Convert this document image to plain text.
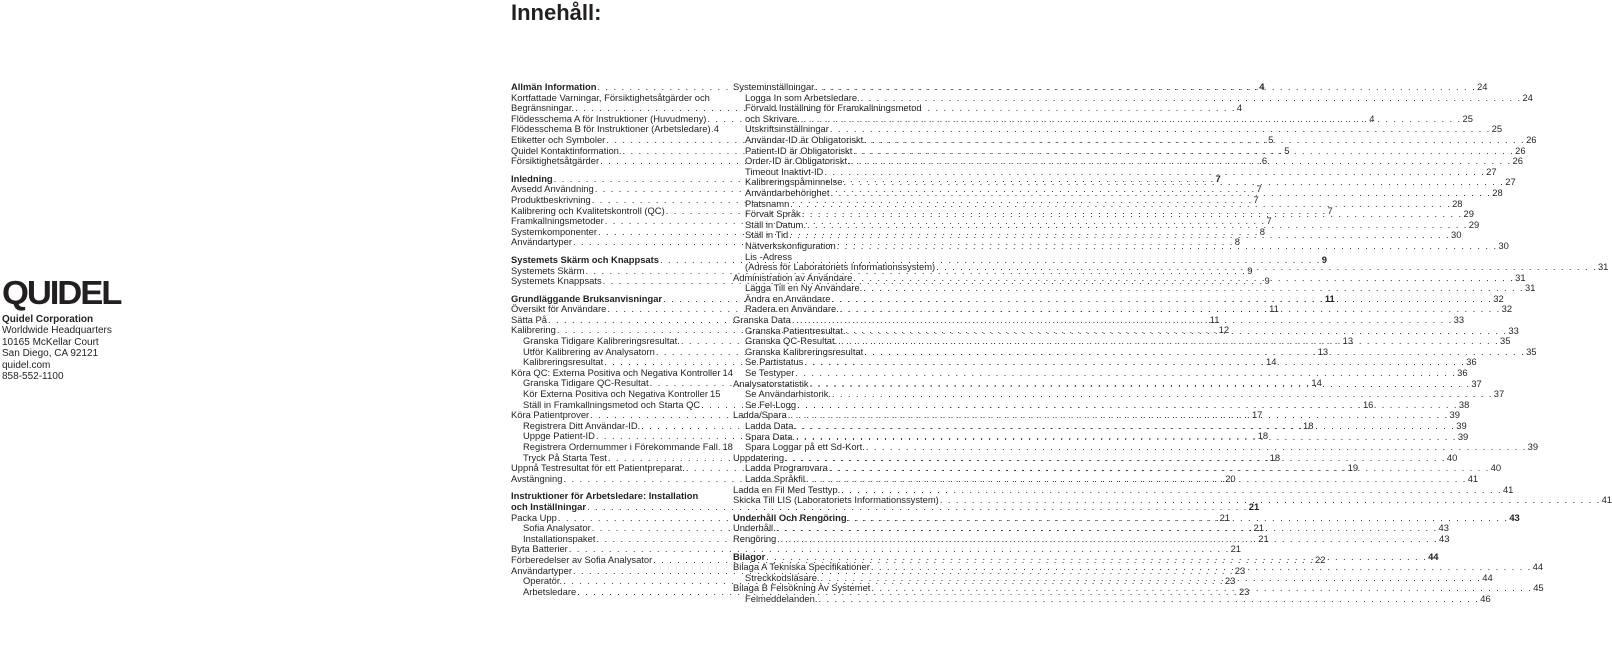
Innehåll:
QUIDEL
Quidel Corporation
Worldwide Headquarters
10165 McKellar Court
San Diego, CA 92121
quidel.com
858-552-1100
Allmän Information . . .	4
Kortfattade Varningar, Försiktighetsåtgärder och
Begränsningar. . . .	4
Flödesschema A för Instruktioner (Huvudmeny) . . .	4
Flödesschema B för Instruktioner (Arbetsledare) . . . 4
Etiketter och Symboler . . .	5
Quidel Kontaktinformation. . . .	5
Försiktighetsåtgärder . . .	6
Inledning . . .	7
Avsedd Användning . . .	7
Produktbeskrivning . . .	7
Kalibrering och Kvalitetskontroll (QC) . . .	7
Framkallningsmetoder . . .	7
Systemkomponenter . . .	8
Användartyper . . .	8
Systemets Skärm och Knappsats . . .	9
Systemets Skärm . . .	9
Systemets Knappsats . . .	9
Grundläggande Bruksanvisningar . . .	11
Översikt för Användare . . .	11
Sätta På . . .	11
Kalibrering . . .	12
Granska Tidigare Kalibreringsresultat. . . .	13
Utför Kalibrering av Analysatorn . . .	13
Kalibreringsresultat . . .	14
Köra QC: Externa Positiva och Negativa Kontroller 14
Granska Tidigare QC-Resultat . . .	14
Kör Externa Positiva och Negativa Kontroller 15
Ställ in Framkallningsmetod och Starta QC . . .	16
Köra Patientprover . . .	17
Registrera Ditt Användar-ID. . . .	18
Uppge Patient-ID . . .	18
Registrera Ordernummer i Förekommande Fall. 18
Tryck På Starta Test . . .	18
Uppnå Testresultat för ett Patientpreparat. . . .	19
Avstängning . . .	20
Instruktioner för Arbetsledare: Installation
och Inställningar . . .	21
Packa Upp . . .	21
Sofia Analysator . . .	21
Installationspaket . . .	21
Byta Batterier . . .	21
Förberedelser av Sofia Analysator . . .	22
Användartyper . . .	23
Operatör. . . .	23
Arbetsledare . . .	23
Systeminställningar . . .	24
Logga In som Arbetsledare. . . .	24
Förvald Inställning för Framkallningsmetod
och Skrivare. . . .	25
Utskriftsinställningar . . .	25
Användar-ID är Obligatoriskt . . .	26
Patient-ID är Obligatoriskt . . .	26
Order-ID är Obligatoriskt. . . .	26
Timeout Inaktivt-ID . . .	27
Kalibreringspåminnelse . . .	27
Användarbehörighet . . .	28
Platsnamn . . .	28
Förvalt Språk . . .	29
Ställ in Datum. . . .	29
Ställ in Tid . . .	30
Nätverkskonfiguration . . .	30
Lis -Adress
(Adress för Laboratoriets Informationssystem) . . .	31
Administration av Användare . . .	31
Lägga Till en Ny Användare. . . .	31
Ändra en Användare . . .	32
Radera en Användare. . . .	32
Granska Data . . .	33
Granska Patientresultat. . . .	33
Granska QC-Resultat. . . .	35
Granska Kalibreringsresultat . . .	35
Se Partistatus . . .	36
Se Testyper . . .	36
Analysatorstatistik . . .	37
Se Användarhistorik. . . .	37
Se Fel-Logg . . .	38
Ladda/Spara . . .	39
Ladda Data . . .	39
Spara Data. . . .	39
Spara Loggar på ett Sd-Kort. . . .	39
Uppdatering . . .	40
Ladda Programvara . . .	40
Ladda Språkfil . . .	41
Ladda en Fil Med Testtyp. . . .	41
Skicka Till LIS (Laboratoriets Informationssystem) . . .	41
Underhåll Och Rengöring . . .	43
Underhåll. . . .	43
Rengöring . . .	43
Bilagor . . .	44
Bilaga A Tekniska Specifikationer . . .	44
Streckkodsläsare. . . .	44
Bilaga B Felsökning Av Systemet . . .	45
Felmeddelanden. . . .	46
